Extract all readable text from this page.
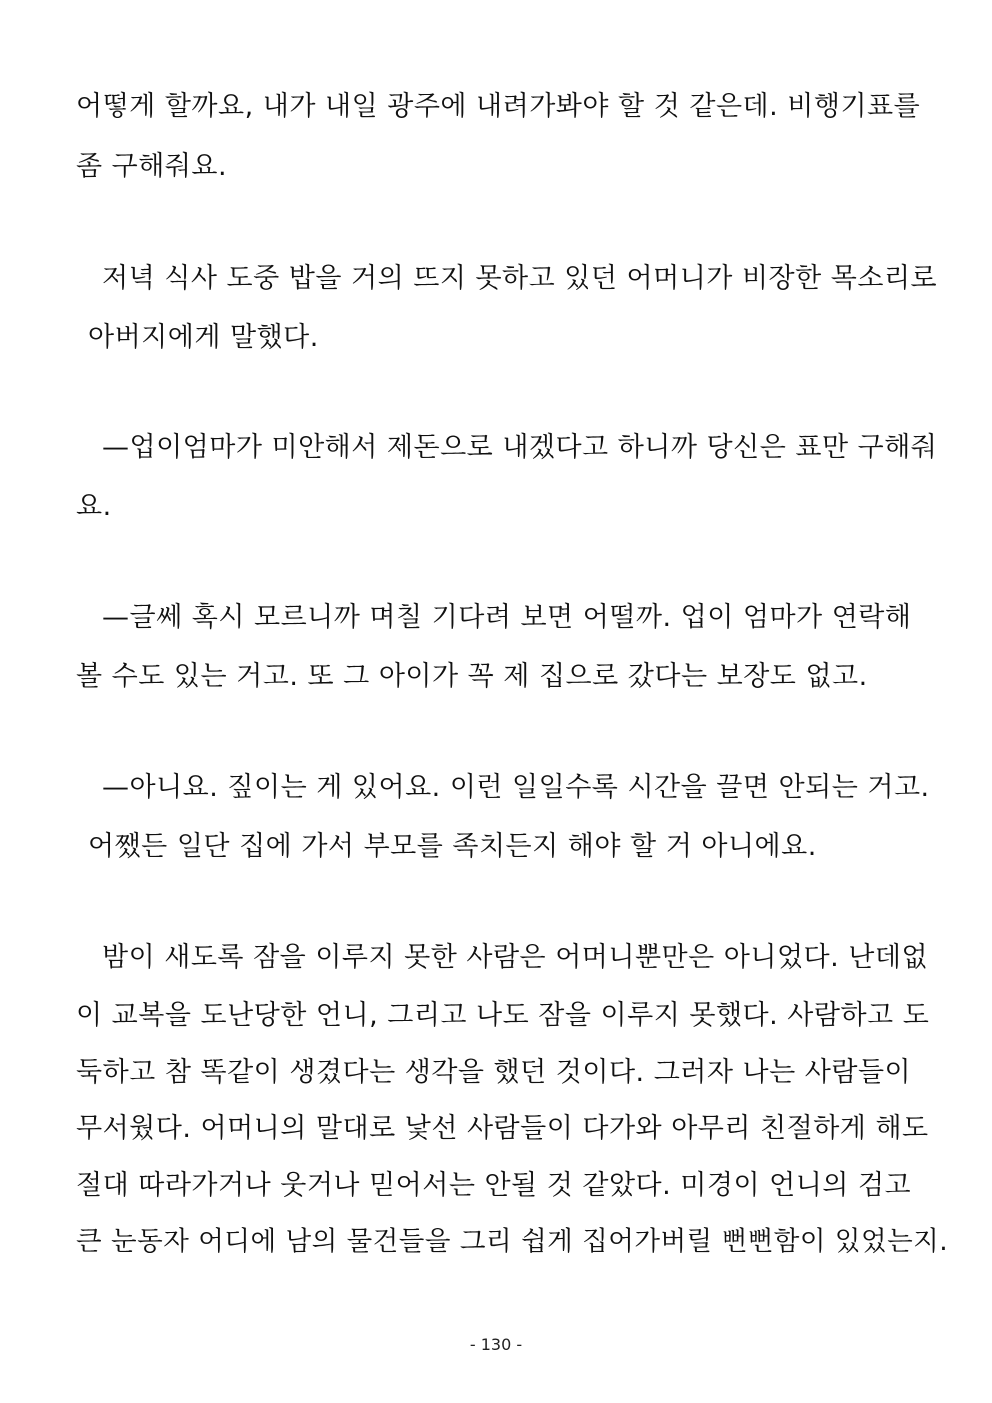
어떻게 할까요, 내가 내일 광주에 내려가봐야 할 것 같은데. 비행기표를
좀 구해줘요.
저녁 식사 도중 밥을 거의 뜨지 못하고 있던 어머니가 비장한 목소리로
아버지에게 말했다.
—업이엄마가 미안해서 제돈으로 내겠다고 하니까 당신은 표만 구해줘
요.
—글쎄 혹시 모르니까 며칠 기다려 보면 어떨까. 업이 엄마가 연락해
볼 수도 있는 거고. 또 그 아이가 꼭 제 집으로 갔다는 보장도 없고.
—아니요. 짚이는 게 있어요. 이런 일일수록 시간을 끌면 안되는 거고.
어쨌든 일단 집에 가서 부모를 족치든지 해야 할 거 아니에요.
밤이 새도록 잠을 이루지 못한 사람은 어머니뿐만은 아니었다. 난데없
이 교복을 도난당한 언니, 그리고 나도 잠을 이루지 못했다. 사람하고 도
둑하고 참 똑같이 생겼다는 생각을 했던 것이다. 그러자 나는 사람들이
무서웠다. 어머니의 말대로 낯선 사람들이 다가와 아무리 친절하게 해도
절대 따라가거나 웃거나 믿어서는 안될 것 같았다. 미경이 언니의 검고
큰 눈동자 어디에 남의 물건들을 그리 쉽게 집어가버릴 뻔뻔함이 있었는지.
- 130 -
